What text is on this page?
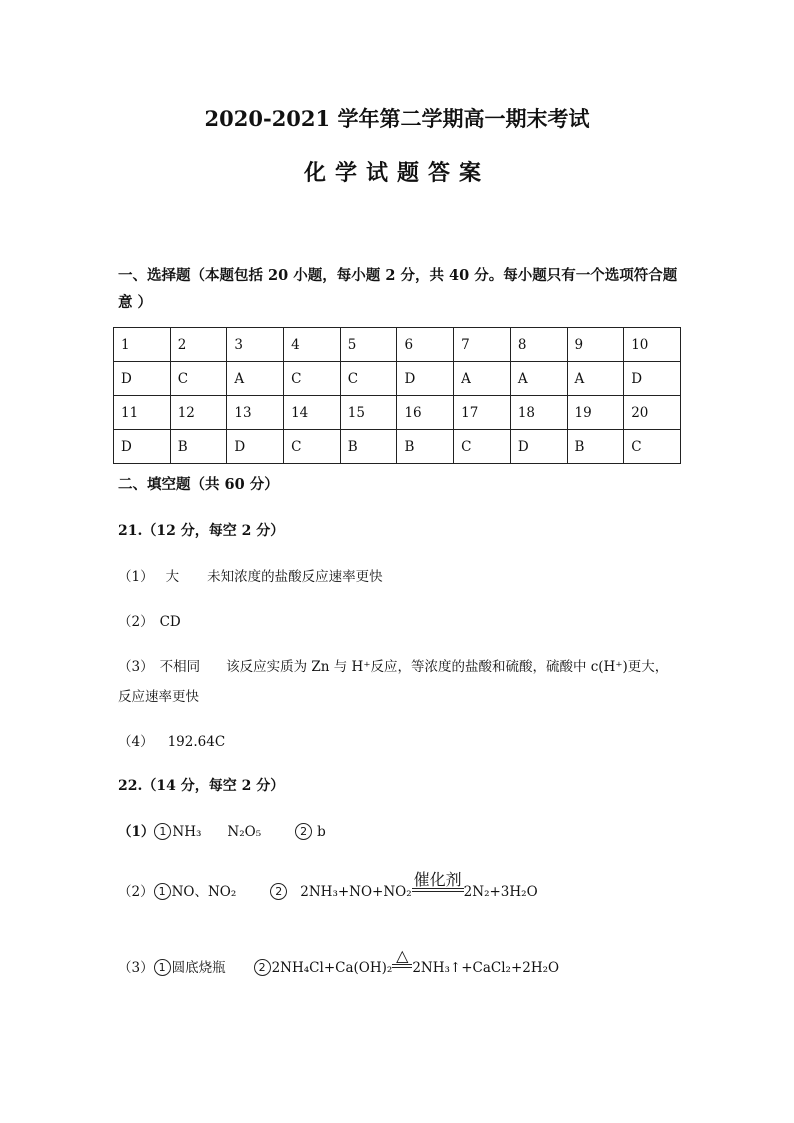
2020-2021 学年第二学期高一期末考试
化学试题答案
一、选择题（本题包括 20 小题，每小题 2 分，共 40 分。每小题只有一个选项符合题意 ）
1	2	3	4	5	6	7	8	9	10
D	C	A	C	C	D	A	A	A	D
11	12	13	14	15	16	17	18	19	20
D	B	D	C	B	B	C	D	B	C
二、填空题（共 60 分）
21.（12 分，每空 2 分）
（1） 大 未知浓度的盐酸反应速率更快
（2） CD
（3） 不相同 该反应实质为 Zn 与 H⁺反应，等浓度的盐酸和硫酸，硫酸中 c(H⁺)更大，
反应速率更快
（4） 192.64C
22.（14 分，每空 2 分）
（1） 1 NH₃ N₂O₅	2 b
（2） 1 NO、NO₂	2 2NH₃+NO+NO₂
催化剂
2N₂+3H₂O
（3） 1 圆底烧瓶	2 2NH₄Cl+Ca(OH)₂
△
2NH₃↑+CaCl₂+2H₂O
